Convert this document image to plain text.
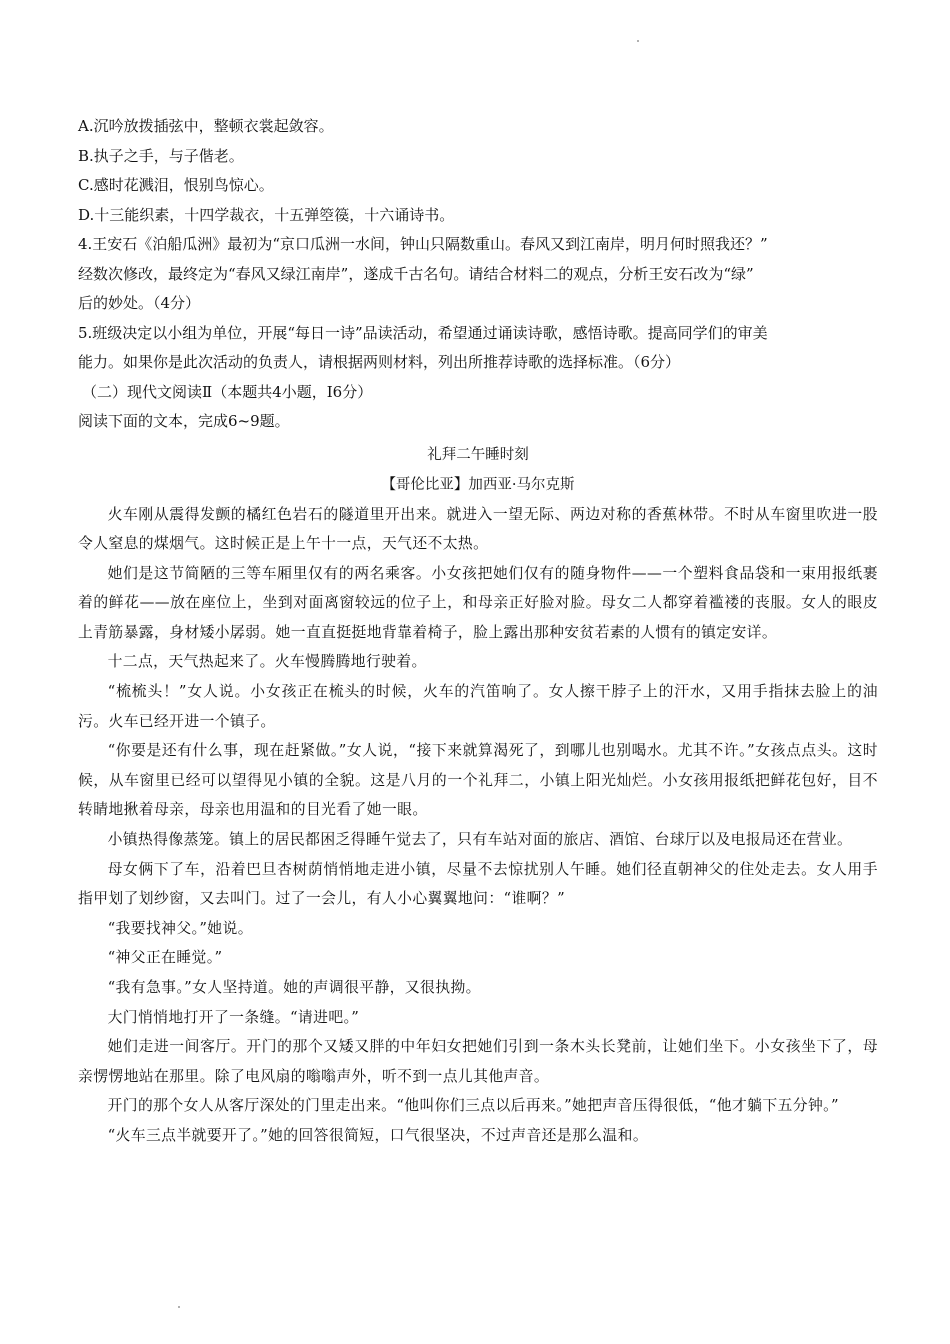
A.沉吟放拨插弦中，整顿衣裳起敛容。

B.执子之手，与子偕老。

C.感时花溅泪，恨别鸟惊心。

D.十三能织素，十四学裁衣，十五弹箜篌，十六诵诗书。

4.王安石《泊船瓜洲》最初为“京口瓜洲一水间，钟山只隔数重山。春风又到江南岸，明月何时照我还？”

经数次修改，最终定为“春风又绿江南岸”，遂成千古名句。请结合材料二的观点，分析王安石改为“绿”

后的妙处。（4分）

5.班级决定以小组为单位，开展“每日一诗”品读活动，希望通过诵读诗歌，感悟诗歌。提高同学们的审美

能力。如果你是此次活动的负责人，请根据两则材料，列出所推荐诗歌的选择标准。（6分）

（二）现代文阅读Ⅱ（本题共4小题，I6分）

阅读下面的文本，完成6~9题。

礼拜二午睡时刻

【哥伦比亚】加西亚·马尔克斯

火车刚从震得发颤的橘红色岩石的隧道里开出来。就进入一望无际、两边对称的香蕉林带。不时从车窗里吹进一股令人窒息的煤烟气。这时候正是上午十一点，天气还不太热。

她们是这节简陋的三等车厢里仅有的两名乘客。小女孩把她们仅有的随身物件——一个塑料食品袋和一束用报纸裹着的鲜花——放在座位上，坐到对面离窗较远的位子上，和母亲正好脸对脸。母女二人都穿着褴褛的丧服。女人的眼皮上青筋暴露，身材矮小孱弱。她一直直挺挺地背靠着椅子，脸上露出那种安贫若素的人惯有的镇定安详。

十二点，天气热起来了。火车慢腾腾地行驶着。

“梳梳头！”女人说。小女孩正在梳头的时候，火车的汽笛响了。女人擦干脖子上的汗水，又用手指抹去脸上的油污。火车已经开进一个镇子。

“你要是还有什么事，现在赶紧做。”女人说，“接下来就算渴死了，到哪儿也别喝水。尤其不许。”女孩点点头。这时候，从车窗里已经可以望得见小镇的全貌。这是八月的一个礼拜二，小镇上阳光灿烂。小女孩用报纸把鲜花包好，目不转睛地揪着母亲，母亲也用温和的目光看了她一眼。

小镇热得像蒸笼。镇上的居民都困乏得睡午觉去了，只有车站对面的旅店、酒馆、台球厅以及电报局还在营业。

母女俩下了车，沿着巴旦杏树荫悄悄地走进小镇，尽量不去惊扰别人午睡。她们径直朝神父的住处走去。女人用手指甲划了划纱窗，又去叫门。过了一会儿，有人小心翼翼地问：“谁啊？”

“我要找神父。”她说。

“神父正在睡觉。”

“我有急事。”女人坚持道。她的声调很平静，又很执拗。

大门悄悄地打开了一条缝。“请进吧。”

她们走进一间客厅。开门的那个又矮又胖的中年妇女把她们引到一条木头长凳前，让她们坐下。小女孩坐下了，母亲愣愣地站在那里。除了电风扇的嗡嗡声外，听不到一点儿其他声音。

开门的那个女人从客厅深处的门里走出来。“他叫你们三点以后再来。”她把声音压得很低，“他才躺下五分钟。”

“火车三点半就要开了。”她的回答很简短，口气很坚决，不过声音还是那么温和。
